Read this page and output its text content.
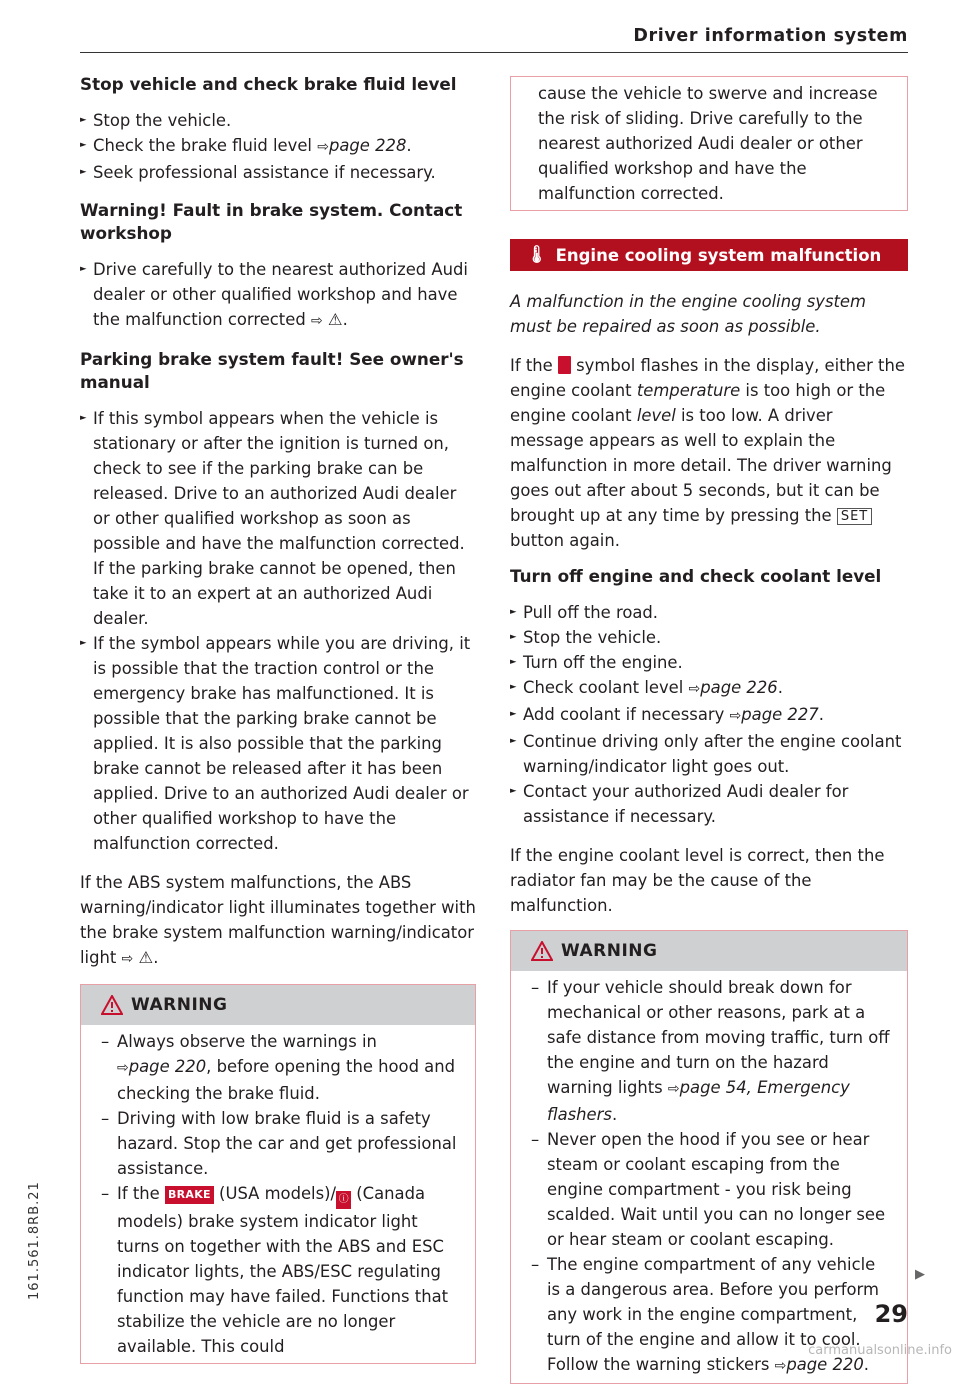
Driver information system
Stop vehicle and check brake fluid level
► Stop the vehicle.
► Check the brake fluid level ⇨page 228.
► Seek professional assistance if necessary.
Warning! Fault in brake system. Contact workshop
► Drive carefully to the nearest authorized Audi dealer or other qualified workshop and have the malfunction corrected ⇨ ⚠.
Parking brake system fault! See owner's manual
► If this symbol appears when the vehicle is stationary or after the ignition is turned on, check to see if the parking brake can be released. Drive to an authorized Audi dealer or other qualified workshop as soon as possible and have the malfunction corrected. If the parking brake cannot be opened, then take it to an expert at an authorized Audi dealer.
► If the symbol appears while you are driving, it is possible that the traction control or the emergency brake has malfunctioned. It is possible that the parking brake cannot be applied. It is also possible that the parking brake cannot be released after it has been applied. Drive to an authorized Audi dealer or other qualified workshop to have the malfunction corrected.

If the ABS system malfunctions, the ABS warning/indicator light illuminates together with the brake system malfunction warning/indicator light ⇨ ⚠.

WARNING
– Always observe the warnings in
⇨page 220, before opening the hood and checking the brake fluid.
– Driving with low brake fluid is a safety hazard. Stop the car and get professional assistance.
– If the BRAKE (USA models)/ ⓘ (Canada models) brake system indicator light turns on together with the ABS and ESC indicator lights, the ABS/ESC regulating function may have failed. Functions that stabilize the vehicle are no longer available. This could
cause the vehicle to swerve and increase the risk of sliding. Drive carefully to the nearest authorized Audi dealer or other qualified workshop and have the malfunction corrected.
🌡 Engine cooling system malfunction

A malfunction in the engine cooling system must be repaired as soon as possible.

If the  symbol flashes in the display, either the engine coolant temperature is too high or the engine coolant level is too low. A driver message appears as well to explain the malfunction in more detail. The driver warning goes out after about 5 seconds, but it can be brought up at any time by pressing the SET button again.

Turn off engine and check coolant level
► Pull off the road.
► Stop the vehicle.
► Turn off the engine.
► Check coolant level ⇨page 226.
► Add coolant if necessary ⇨page 227.
► Continue driving only after the engine coolant warning/indicator light goes out.
► Contact your authorized Audi dealer for assistance if necessary.

If the engine coolant level is correct, then the radiator fan may be the cause of the malfunction.

WARNING
– If your vehicle should break down for mechanical or other reasons, park at a safe distance from moving traffic, turn off the engine and turn on the hazard warning lights ⇨page 54, Emergency flashers.
– Never open the hood if you see or hear steam or coolant escaping from the engine compartment - you risk being scalded. Wait until you can no longer see or hear steam or coolant escaping.
– The engine compartment of any vehicle is a dangerous area. Before you perform any work in the engine compartment, turn of the engine and allow it to cool. Follow the warning stickers ⇨page 220.
▶
29
161.561.8RB.21
carmanualsonline.info
